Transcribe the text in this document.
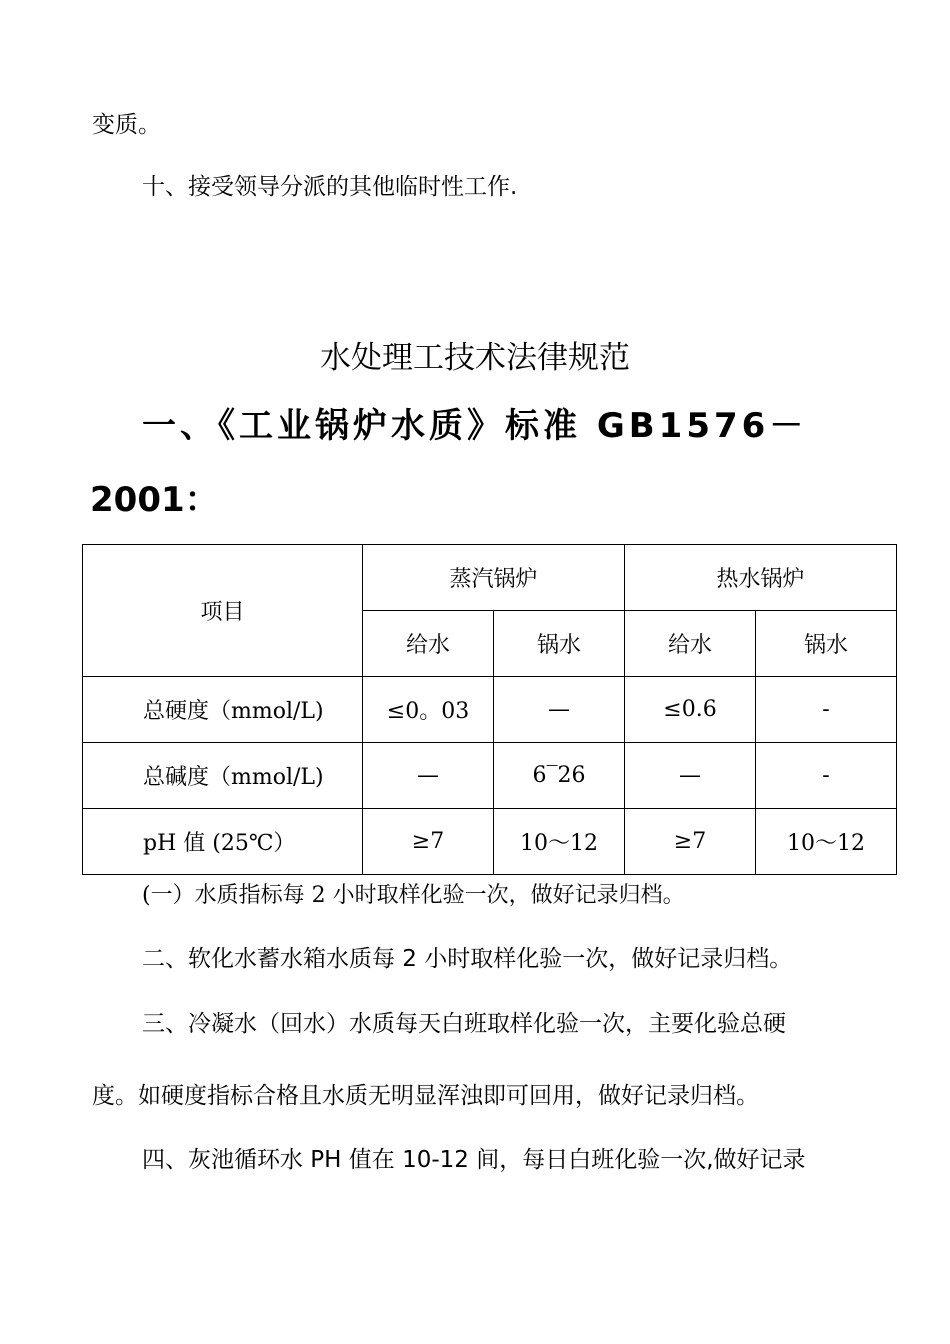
变质。
十、接受领导分派的其他临时性工作.
水处理工技术法律规范
一、《工业锅炉水质》标准 GB1576－
2001：
项目	蒸汽锅炉		热水锅炉	
	给水	锅水	给水	锅水
总硬度（mmol/L)	≤0。03	—	≤0.6	-
总碱度（mmol/L)	—	6‾26	—	-
pH 值 (25℃）	≥7	10～12	≥7	10～12
(一）水质指标每 2 小时取样化验一次，做好记录归档。
二、软化水蓄水箱水质每 2 小时取样化验一次，做好记录归档。
三、冷凝水（回水）水质每天白班取样化验一次，主要化验总硬
度。如硬度指标合格且水质无明显浑浊即可回用，做好记录归档。
四、灰池循环水 PH 值在 10-12 间，每日白班化验一次,做好记录
